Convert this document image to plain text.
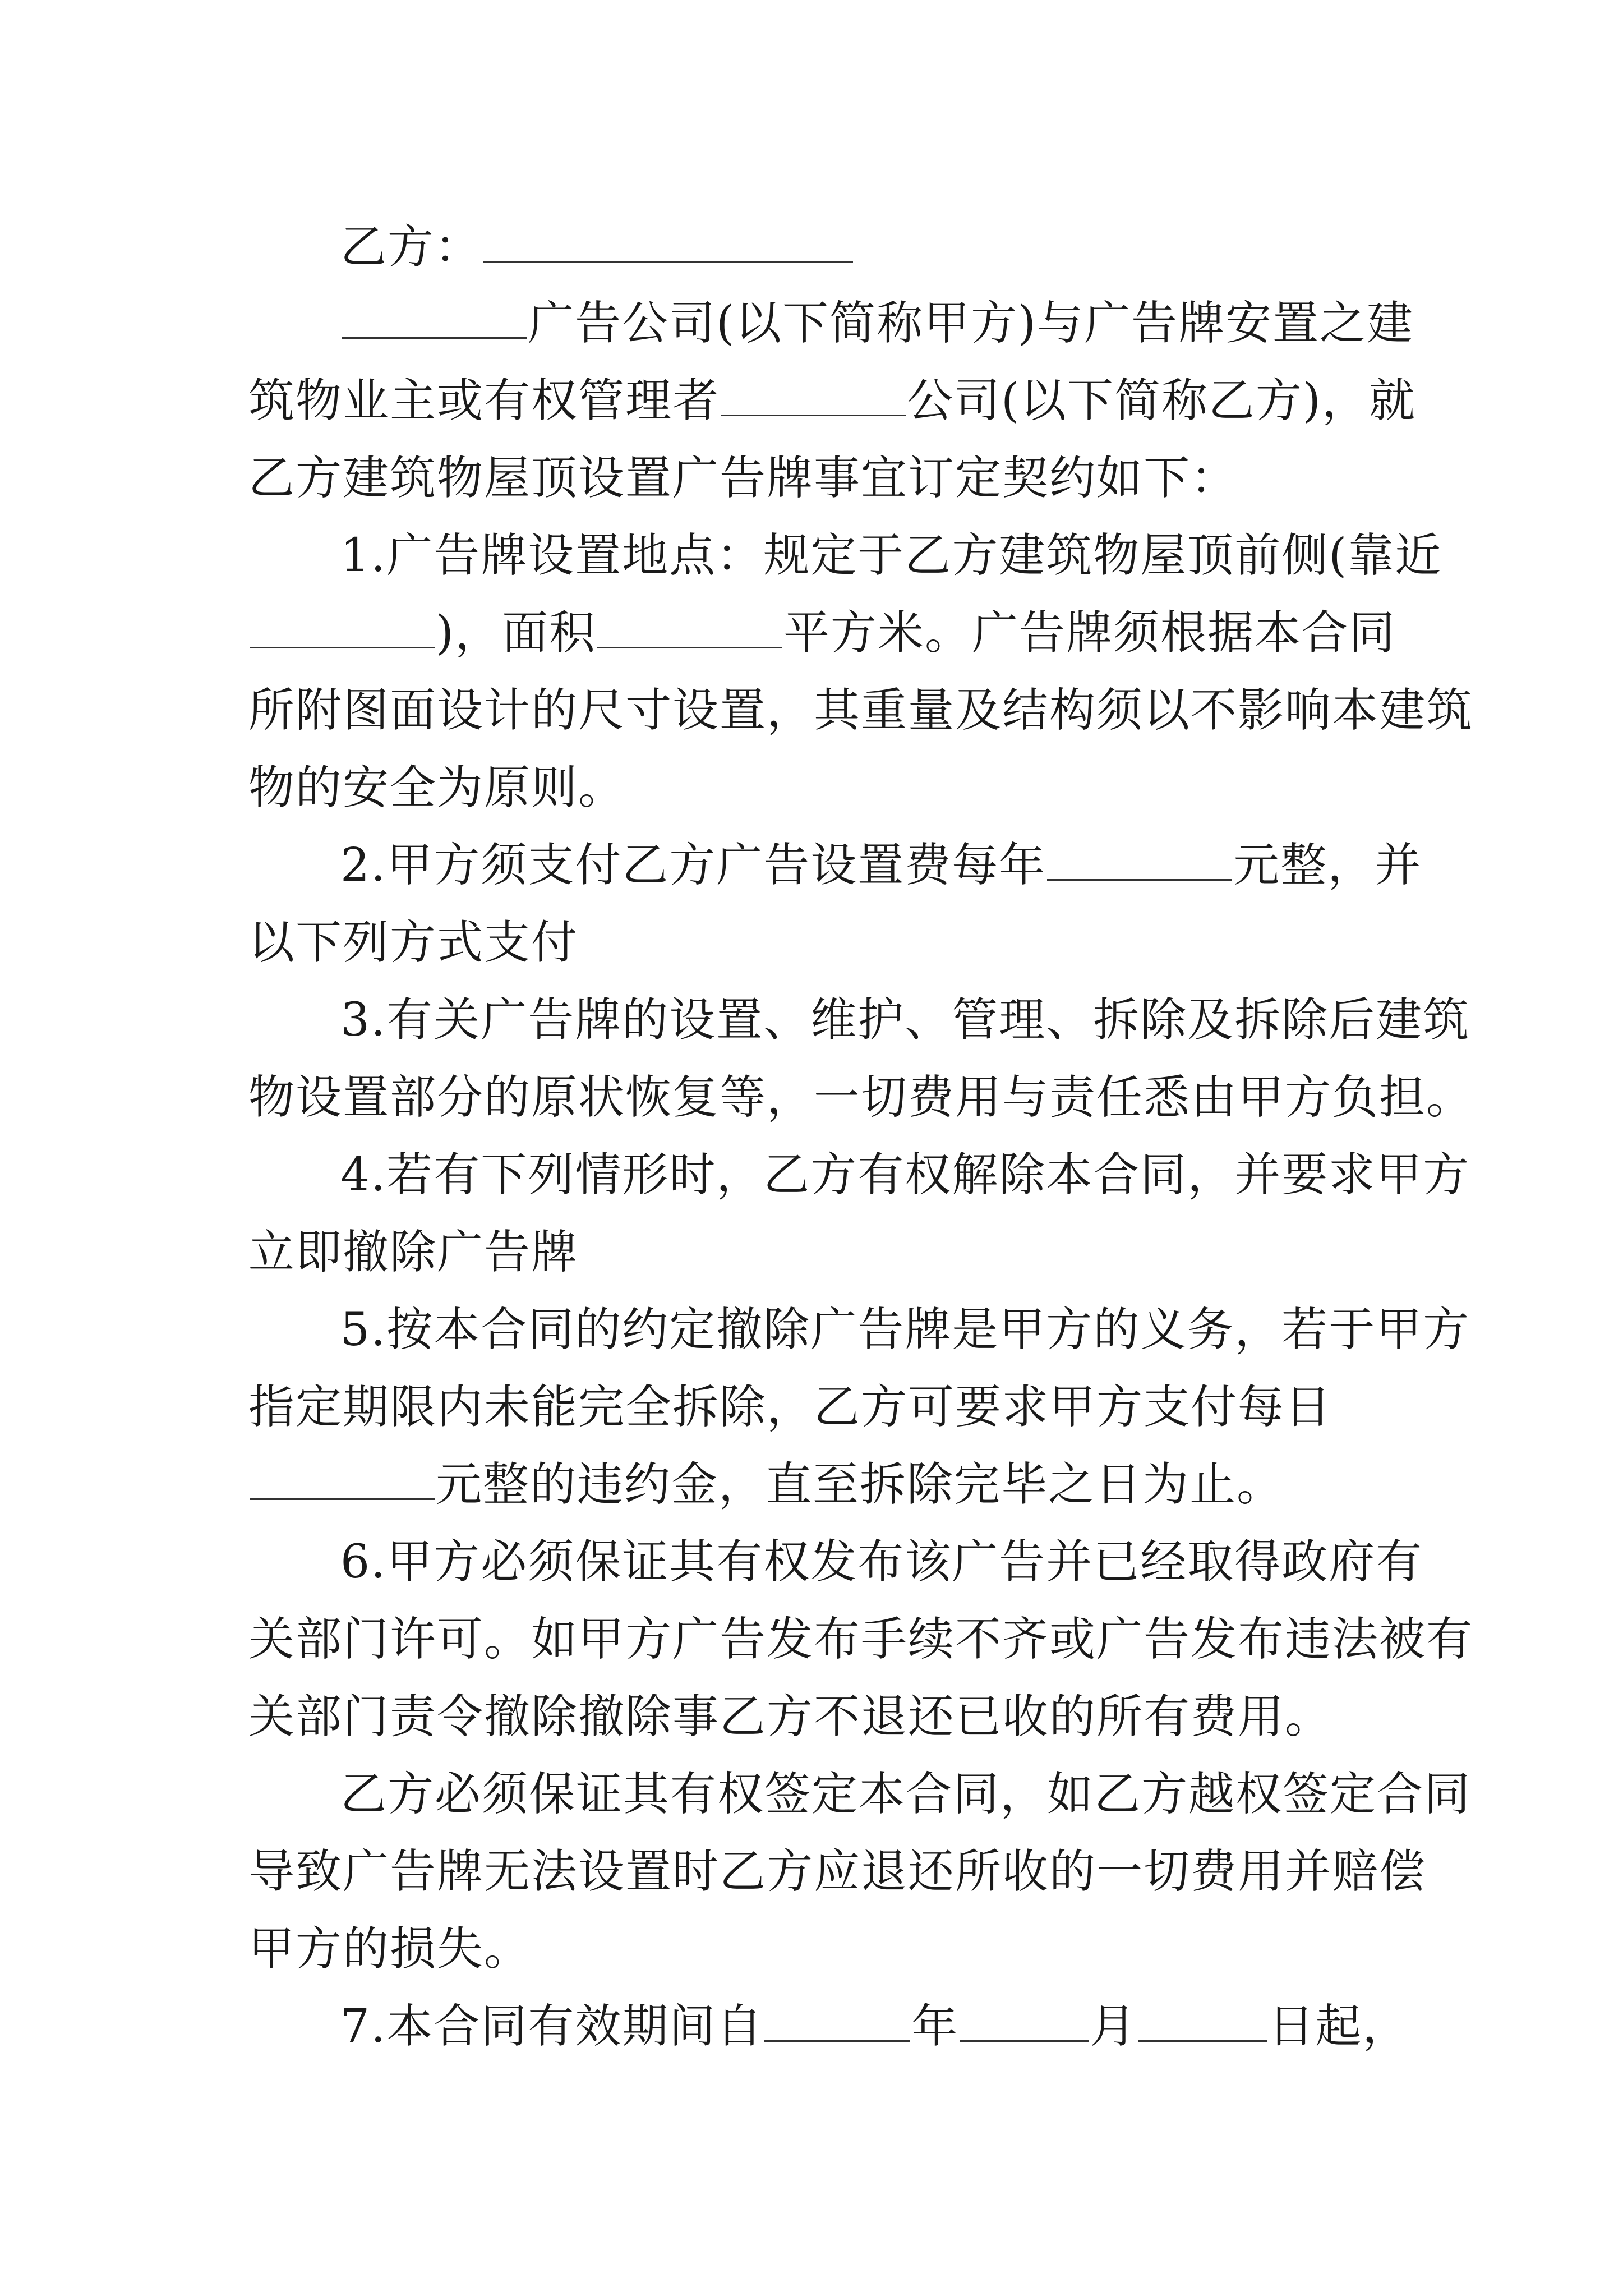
乙方：
广告公司(以下简称甲方)与广告牌安置之建
筑物业主或有权管理者	公司(以下简称乙方)，就
乙方建筑物屋顶设置广告牌事宜订定契约如下：
1.广告牌设置地点：规定于乙方建筑物屋顶前侧(靠近
)，面积	平方米。广告牌须根据本合同
所附图面设计的尺寸设置，其重量及结构须以不影响本建筑
物的安全为原则。
2.甲方须支付乙方广告设置费每年	元整，并
以下列方式支付
3.有关广告牌的设置、维护、管理、拆除及拆除后建筑
物设置部分的原状恢复等，一切费用与责任悉由甲方负担。
4.若有下列情形时，乙方有权解除本合同，并要求甲方
立即撤除广告牌
5.按本合同的约定撤除广告牌是甲方的义务，若于甲方
指定期限内未能完全拆除，乙方可要求甲方支付每日
元整的违约金，直至拆除完毕之日为止。
6.甲方必须保证其有权发布该广告并已经取得政府有
关部门许可。如甲方广告发布手续不齐或广告发布违法被有
关部门责令撤除撤除事乙方不退还已收的所有费用。
乙方必须保证其有权签定本合同，如乙方越权签定合同
导致广告牌无法设置时乙方应退还所收的一切费用并赔偿
甲方的损失。
7.本合同有效期间自	年	月	日起，
